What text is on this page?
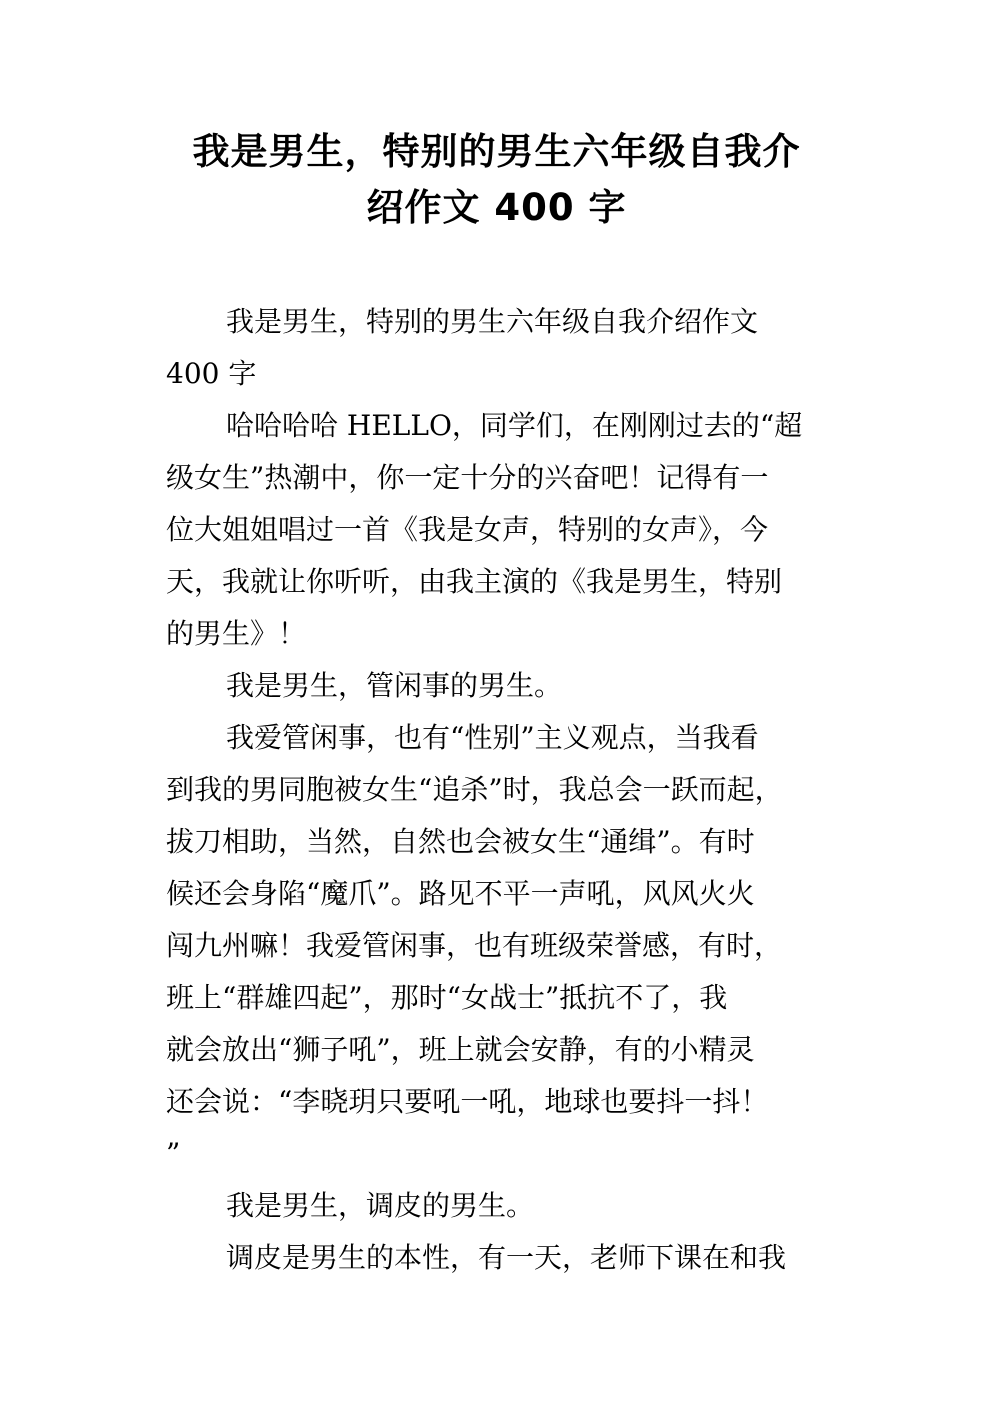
我是男生，特别的男生六年级自我介
绍作文 400 字
我是男生，特别的男生六年级自我介绍作文
400 字
哈哈哈哈 HELLO，同学们，在刚刚过去的“超
级女生”热潮中，你一定十分的兴奋吧！记得有一
位大姐姐唱过一首《我是女声，特别的女声》，今
天，我就让你听听，由我主演的《我是男生，特别
的男生》！
我是男生，管闲事的男生。
我爱管闲事，也有“性别”主义观点，当我看
到我的男同胞被女生“追杀”时，我总会一跃而起，
拔刀相助，当然，自然也会被女生“通缉”。有时
候还会身陷“魔爪”。路见不平一声吼，风风火火
闯九州嘛！我爱管闲事，也有班级荣誉感，有时，
班上“群雄四起”，那时“女战士”抵抗不了，我
就会放出“狮子吼”，班上就会安静，有的小精灵
还会说：“李晓玥只要吼一吼，地球也要抖一抖！
”
我是男生，调皮的男生。
调皮是男生的本性，有一天，老师下课在和我
